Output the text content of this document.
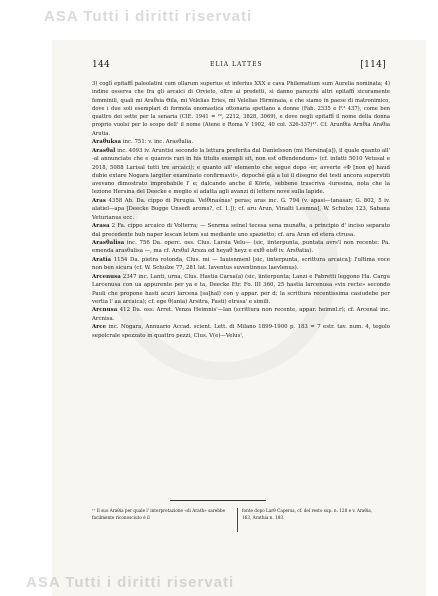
ASA Tutti i diritti riservati
144	ELIA LATTES	[114]

3) coglî epitaffî paleolatini cum ollarum superius et inferius XXX e cava Philematium sum Aurelia nominata; 4) indine osserva che fra gli arcaici di Orvieto, oltre ai predetti, si danno parecchi altri epitaffî sicuramente femminili, quali mi Araθsia Θila, mi Velelias Eries, mi Velelias Hirminaia, e che siamo in paese di matronimico, dove i due soli esemplari di formola onomastica ottonaria spettano a donne (Fab. 2335 e F.³ 437), come ben quattro dei sette per la senaria (CIE. 1941 = ²², 2212, 3828, 3069), e dove negli epitaffî il nome della donna proprio vuolsi per lo scopo dell' il nome (Atene e Roma V 1902, 40 col. 326-337)¹⁷. Cf. Arunθia Arnθia Araθia Arutia.

Araθuksa inc. 751: v. inc. Arasθalia.

Arasθal inc. 4093 iv. Aruntisi secondo la lettura preferita dal Danielsson (mi Hersina[a]), il quale quanto all' -al annunciate che e quanvis rari in his titulis exempli sit, non est offendendum» (cf. infatti 5010 Vetusal e 2018, 5088 Larisal tutti tre arcaici); e quanto all' elemento che segue dopo -er, avverte «Φ [non φ] haud dubie extare Nogara largiter examinato confirmavit», dopoché già a lui il disegno del testi ancora superstiti avevano dimostrato improbabile l' e; dalcando anche il Körte, sebbene trascriva -luresina, nota che la lezione Hersina del Deecke e meglio si adatta agli avanzi di lettere nove sulla lapide.

Aras 4358 Ab. Da. cippo di Perugia. Velθinaśnas' peras; aras inc. G. 794 (v. apasi—tanasar; G. 802, 5 iv. alatiel—apa [Deecke Bugge Unsedt aroms?, cf. 1.]); cf. aru Arun, Vinalti Lesmna], W. Schulze 123, Sabana Veturianus ecc.

Arasa 2 Fa. cippo arcaico di Volterra; — Senrma seinel tecesa sena munaθa, a principio d' inciso separato dal precedente hub naper lescan letem sui mediante uno spazietto; cf. ara Aran ed etera ctrusa.

Arasθalisa inc. 756 Da. operc. oss. Clus. Larsia Velu— (sic, iinterpunta, puntata avrs'l non recente: Pa. emenda arasθalisa —, ma cf. Arsθal Arsza ed heyaθ heyz e exlθ eisθ iv. Arsθatia).

Aratia 1154 Da. pietra rotonda, Clus. mi — Iauisnmenl [sic, iinterpunta, scrittura arcaica]; l'ultima voce non ben sicura (cf. W. Schulze 77, 281 lat. Iaventus suventinnus Iaevlenus).

Arcenusa 2347 inc. Lanti, urna, Clus. Hastia Carxa(a) (sic, iinterpunta; Lanzi e Fabretti leggono Ha. Cargu Larcenusa con ua appurente per ya e ta, Deecke Etr. Fo. III 360, 25 hastia larcenusa «vix recte» secondo Pauli che propone hasti acuri larcena [sa]hal) con γ appar. per d; la scrittura recentissima casiudebe per vertia l' aa arcaica); cf. ege θ(ania) Arsitra, Fasti) etrusa' e simili.

Arcnusa 412 Da. oss. Arret. Venza Heimnis'—lan (scrittura non recente, appar. heimnl.r); cf. Arcenal inc. Arcnisa.

Arce inc. Nogara, Annuario Accad. scient. Lett. di Milano 1899-1900 p. 183 = 7 estr. tav. num. 4, tegolo sepolcrale spezzato in quattro pezzi, Clus. V(e)—Velus',

¹⁷ Il suo Araθia per quale l' interpretazione «di Arath» sarebbe facilmente riconosciuto è il
fonte dopo Larθ Capersa, cf. del resto sup. n. 128 e v. Araθia, 163, Arathia n. 183.
ASA Tutti i diritti riservati
